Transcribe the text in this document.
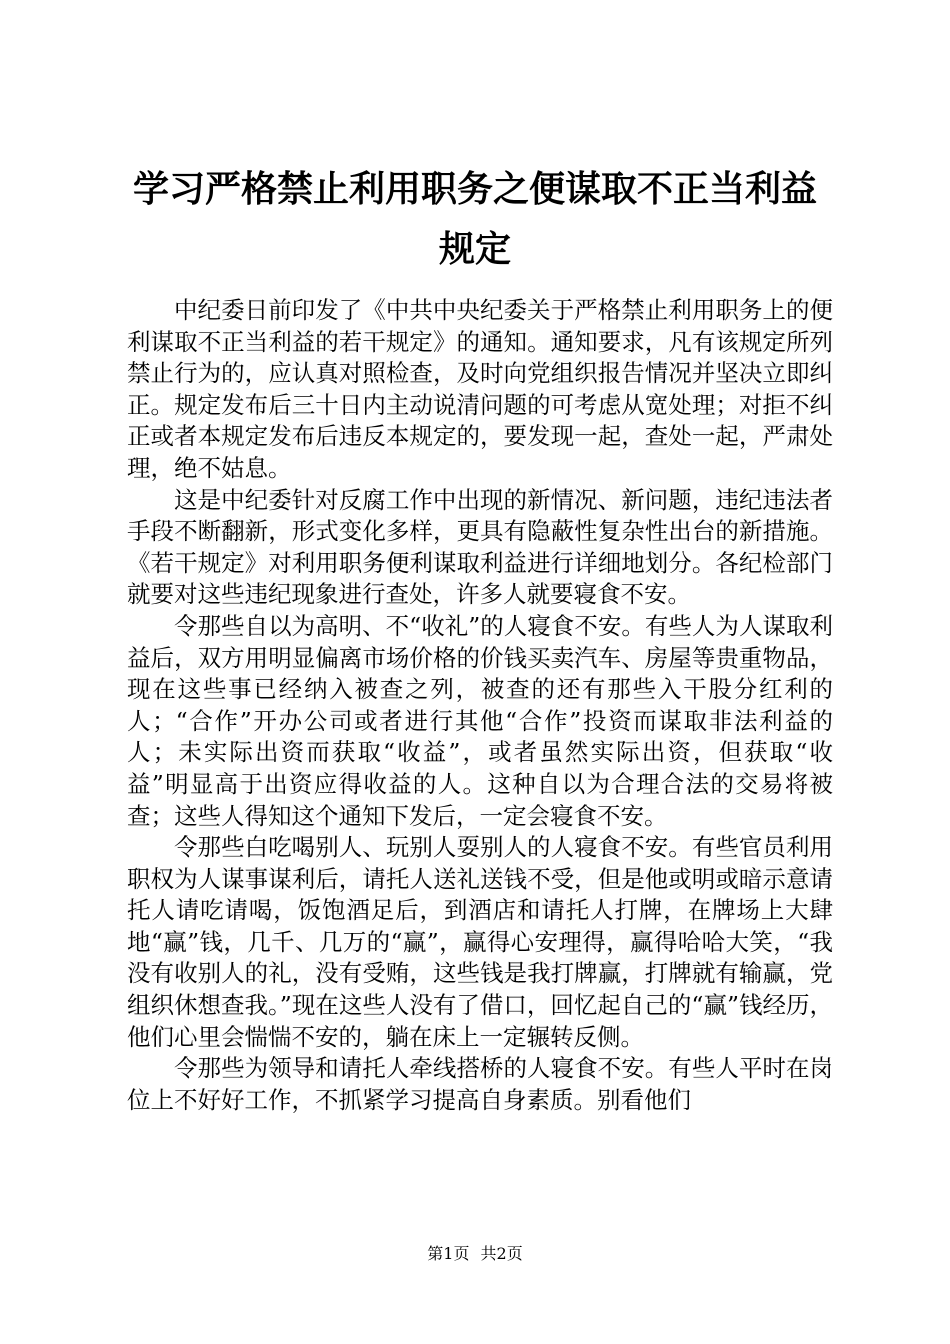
学习严格禁止利用职务之便谋取不正当利益规定

中纪委日前印发了《中共中央纪委关于严格禁止利用职务上的便利谋取不正当利益的若干规定》的通知。通知要求，凡有该规定所列禁止行为的，应认真对照检查，及时向党组织报告情况并坚决立即纠正。规定发布后三十日内主动说清问题的可考虑从宽处理；对拒不纠正或者本规定发布后违反本规定的，要发现一起，查处一起，严肃处理，绝不姑息。

这是中纪委针对反腐工作中出现的新情况、新问题，违纪违法者手段不断翻新，形式变化多样，更具有隐蔽性复杂性出台的新措施。《若干规定》对利用职务便利谋取利益进行详细地划分。各纪检部门就要对这些违纪现象进行查处，许多人就要寝食不安。

令那些自以为高明、不“收礼”的人寝食不安。有些人为人谋取利益后，双方用明显偏离市场价格的价钱买卖汽车、房屋等贵重物品，现在这些事已经纳入被查之列，被查的还有那些入干股分红利的人；“合作”开办公司或者进行其他“合作”投资而谋取非法利益的人；未实际出资而获取“收益”，或者虽然实际出资，但获取“收益”明显高于出资应得收益的人。这种自以为合理合法的交易将被查；这些人得知这个通知下发后，一定会寝食不安。

令那些白吃喝别人、玩别人耍别人的人寝食不安。有些官员利用职权为人谋事谋利后，请托人送礼送钱不受，但是他或明或暗示意请托人请吃请喝，饭饱酒足后，到酒店和请托人打牌，在牌场上大肆地“赢”钱，几千、几万的“赢”，赢得心安理得，赢得哈哈大笑，“我没有收别人的礼，没有受贿，这些钱是我打牌赢，打牌就有输赢，党组织休想查我。”现在这些人没有了借口，回忆起自己的“赢”钱经历，他们心里会惴惴不安的，躺在床上一定辗转反侧。

令那些为领导和请托人牵线搭桥的人寝食不安。有些人平时在岗位上不好好工作，不抓紧学习提高自身素质。别看他们

第1页 共2页
